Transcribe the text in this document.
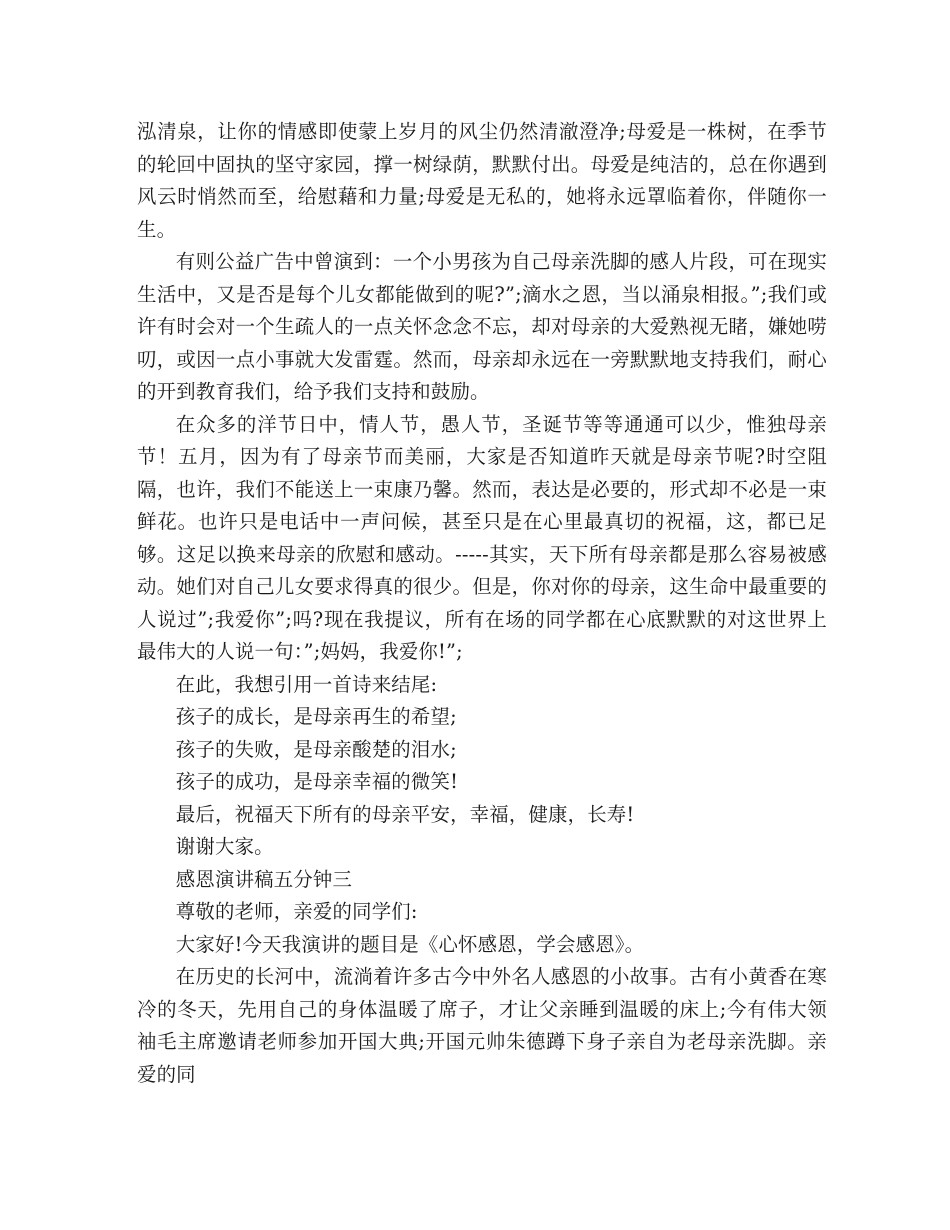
泓清泉，让你的情感即使蒙上岁月的风尘仍然清澈澄净;母爱是一株树，在季节的轮回中固执的坚守家园，撑一树绿荫，默默付出。母爱是纯洁的，总在你遇到风云时悄然而至，给慰藉和力量;母爱是无私的，她将永远罩临着你，伴随你一生。

有则公益广告中曾演到：一个小男孩为自己母亲洗脚的感人片段，可在现实生活中，又是否是每个儿女都能做到的呢?”;滴水之恩，当以涌泉相报。”;我们或许有时会对一个生疏人的一点关怀念念不忘，却对母亲的大爱熟视无睹，嫌她唠叨，或因一点小事就大发雷霆。然而，母亲却永远在一旁默默地支持我们，耐心的开到教育我们，给予我们支持和鼓励。

在众多的洋节日中，情人节，愚人节，圣诞节等等通通可以少，惟独母亲节！五月，因为有了母亲节而美丽，大家是否知道昨天就是母亲节呢?时空阻隔，也许，我们不能送上一束康乃馨。然而，表达是必要的，形式却不必是一束鲜花。也许只是电话中一声问候，甚至只是在心里最真切的祝福，这，都已足够。这足以换来母亲的欣慰和感动。-----其实，天下所有母亲都是那么容易被感动。她们对自己儿女要求得真的很少。但是，你对你的母亲，这生命中最重要的人说过”;我爱你”;吗?现在我提议，所有在场的同学都在心底默默的对这世界上最伟大的人说一句：”;妈妈，我爱你!”;

在此，我想引用一首诗来结尾:

孩子的成长，是母亲再生的希望;

孩子的失败，是母亲酸楚的泪水;

孩子的成功，是母亲幸福的微笑!

最后，祝福天下所有的母亲平安，幸福，健康，长寿!

谢谢大家。

感恩演讲稿五分钟三

尊敬的老师，亲爱的同学们:

大家好!今天我演讲的题目是《心怀感恩，学会感恩》。

在历史的长河中，流淌着许多古今中外名人感恩的小故事。古有小黄香在寒冷的冬天，先用自己的身体温暖了席子，才让父亲睡到温暖的床上;今有伟大领袖毛主席邀请老师参加开国大典;开国元帅朱德蹲下身子亲自为老母亲洗脚。亲爱的同
